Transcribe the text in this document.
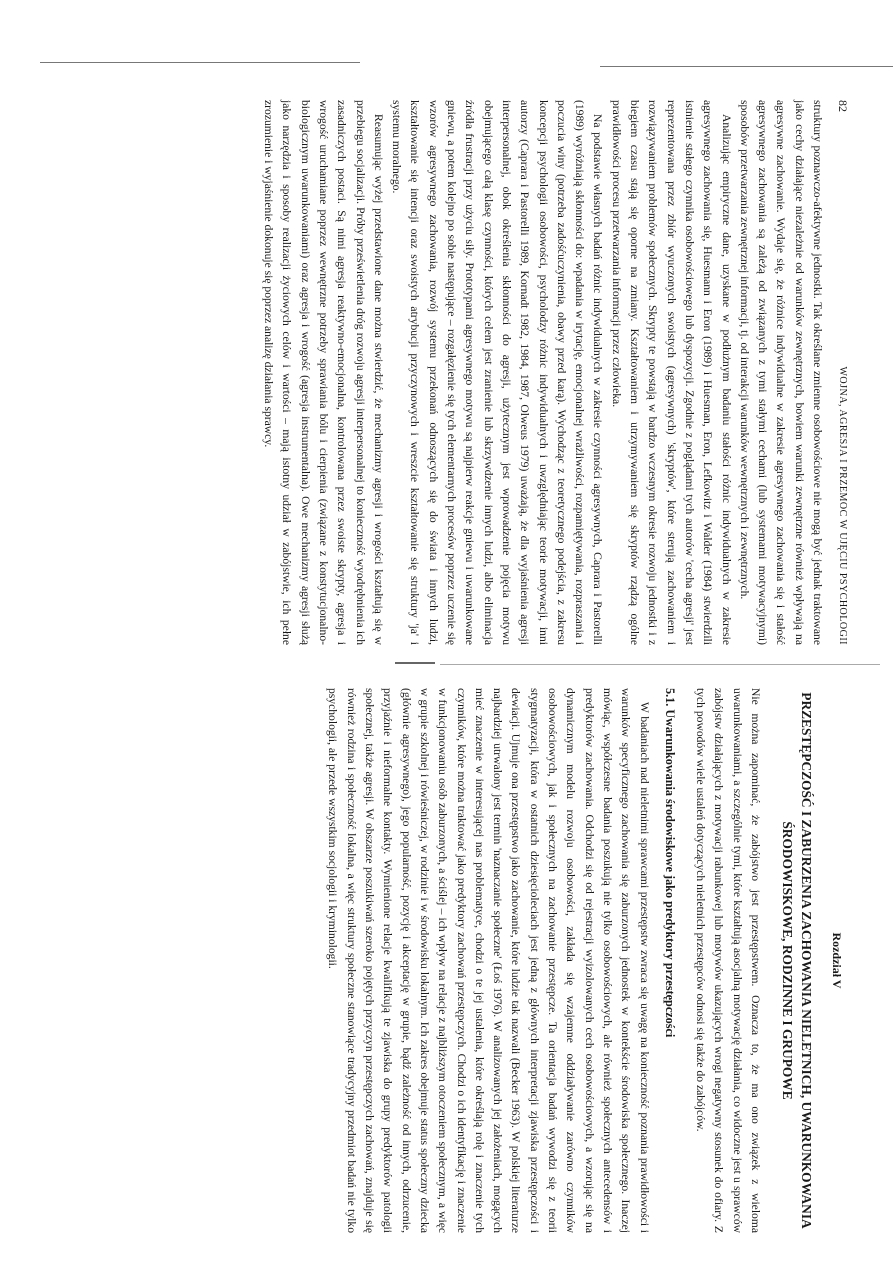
82
WOJNA, AGRESJA I PRZEMOC W UJĘCIU PSYCHOLOGII

struktury poznawczo-afektywne jednostki. Tak określane zmienne osobowościowe nie mogą być jednak traktowane jako cechy działające niezależnie od warunków zewnętrznych, bowiem warunki zewnętrzne również wpływają na agresywne zachowanie. Wydaje się, że różnice indywidualne w zakresie agresywnego zachowania się i stałość agresywnego zachowania są zależą od związanych z tymi stałymi cechami (lub systemami motywacyjnymi) sposobów przetwarzania zewnętrznej informacji, tj. od interakcji warunków wewnętrznych i zewnętrznych.

Analizując empiryczne dane, uzyskane w podłużnym badaniu stałości różnic indywidualnych w zakresie agresywnego zachowania się, Huesmann i Eron (1989) i Huesman, Eron, Lefkowitz i Walder (1984) stwierdzili istnienie stałego czynnika osobowościowego lub dyspozycji. Zgodnie z poglądami tych autorów 'cecha agresji' jest reprezentowana przez zbiór wyuczonych swoistych (agresywnych) 'skryptów', które sterują zachowaniem i rozwiązywaniem problemów społecznych. Skrypty te powstają w bardzo wczesnym okresie rozwoju jednostki i z biegiem czasu stają się oporne na zmiany. Kształtowaniem i utrzymywaniem się skryptów rządzą ogólne prawidłowości procesu przetwarzania informacji przez człowieka.

Na podstawie własnych badań różnic indywidualnych w zakresie czynności agresywnych, Caprara i Pastorelli (1989) wyróżniają skłonności do: wpadania w irytację, emocjonalnej wrażliwości, rozpamiętywania, rozpraszania i poczucia winy (potrzeba zadośćuczynienia, obawy przed karą). Wychodząc z teoretycznego podejścia, z zakresu koncepcji psychologii osobowości, psycholodzy różnic indywidualnych i uwzględniając teorie motywacji, inni autorzy (Caprara i Pastorelli 1989, Kornadt 1982, 1984, 1987, Olweus 1979) uważają, że dla wyjaśnienia agresji interpersonalnej, obok określenia skłonności do agresji, użytecznym jest wprowadzenie pojęcia motywu obejmującego całą klasę czynności, których celem jest zranienie lub skrzywdzenie innych ludzi, albo eliminacja źródła frustracji przy użyciu siły. Prototypami agresywnego motywu są najpierw reakcje gniewu i uwarunkowane gniewu, a potem kolejno po sobie następujące – rozgałęzienie się tych elementarnych procesów poprzez uczenie się wzorów agresywnego zachowania, rozwój systemu przekonań odnoszących się do świata i innych ludzi, kształtowanie się intencji oraz swoistych atrybucji przyczynowych i wreszcie kształtowanie się struktury 'ja' i systemu moralnego.

Reasumując wyżej przedstawione dane można stwierdzić, że mechanizmy agresji i wrogości kształtują się w przebiegu socjalizacji. Próby prześwietlenia dróg rozwoju agresji interpersonalnej to konieczność wyodrębnienia ich zasadniczych postaci. Są nimi agresja reaktywno-emocjonalna, kontrolowana przez swoiste skrypty, agresja i wrogość uruchamiane poprzez wewnętrzne potrzeby sprawiania bólu i cierpienia (związane z konstytucjonalno-biologicznym uwarunkowaniami) oraz agresja i wrogość (agresja instrumentalna). Owe mechanizmy agresji służą jako narzędzia i sposoby realizacji życiowych celów i wartości – mają istotny udział w zabójstwie, ich pełne zrozumienie i wyjaśnienie dokonuje się poprzez analizę działania sprawcy.

Rozdział V
PRZESTĘPCZOŚĆ I ZABURZENIA ZACHOWANIA NIELETNICH, UWARUNKOWANIA ŚRODOWISKOWE, RODZINNE I GRUPOWE

Nie można zapominać, że zabójstwo jest przestępstwem. Oznacza to, że ma ono związek z wieloma uwarunkowaniami, a szczególnie tymi, które kształtują asocjalną motywację działania, co widoczne jest u sprawców zabójstw działających z motywacji rabunkowej lub motywów ukazujących wrogi negatywny stosunek do ofiary. Z tych powodów wiele ustaleń dotyczących nieletnich przestępców odnosi się także do zabójców.

5.1. Uwarunkowania środowiskowe jako predyktory przestępczości

W badaniach nad nieletnimi sprawcami przestępstw zwraca się uwagę na konieczność poznania prawidłowości i warunków specyficznego zachowania się zaburzonych jednostek w kontekście środowiska społecznego. Inaczej mówiąc, współczesne badania poszukują nie tylko osobowościowych, ale również społecznych antecedensów i predyktorów zachowania. Odchodzi się od rejestracji wyizolowanych cech osobowościowych, a wzorując się na dynamicznym modelu rozwoju osobowości, zakłada się wzajemne oddziaływanie zarówno czynników osobowościowych, jak i społecznych na zachowanie przestępcze. Ta orientacja badań wywodzi się z teorii stygmatyzacji, która w ostatnich dziesięcioleciach jest jedną z głównych interpretacji zjawiska przestępczości i dewiacji. Ujmuje ona przestępstwo jako zachowanie, które ludzie tak nazwali (Becker 1963). W polskiej literaturze najbardziej utrwalony jest termin 'naznaczanie społeczne' (Łoś 1976). W analizowanych jej założeniach, mogących mieć znaczenie w interesującej nas problematyce, chodzi o te jej ustalenia, które określają rolę i znaczenie tych czynników, które można traktować jako predyktory zachowań przestępczych. Chodzi o ich identyfikację i znaczenie w funkcjonowaniu osób zaburzonych, a ściślej – ich wpływ na relacje z najbliższym otoczeniem społecznym, a więc w grupie szkolnej i rówieśniczej, w rodzinie i w środowisku lokalnym. Ich zakres obejmuje status społeczny dziecka (głównie agresywnego), jego popularność, pozycję i akceptację w grupie, bądź zależność od innych, odrzucenie, przyjaźnie i nieformalne kontakty. Wymienione relacje kwalifikują te zjawiska do grupy predyktorów patologii społecznej, także agresji. W obszarze poszukiwań szeroko pojętych przyczyn przestępczych zachowań, znajduje się również rodzina i społeczność lokalna, a więc struktury społeczne stanowiące tradycyjny przedmiot badań nie tylko psychologii, ale przede wszystkim socjologii i kryminologii.
